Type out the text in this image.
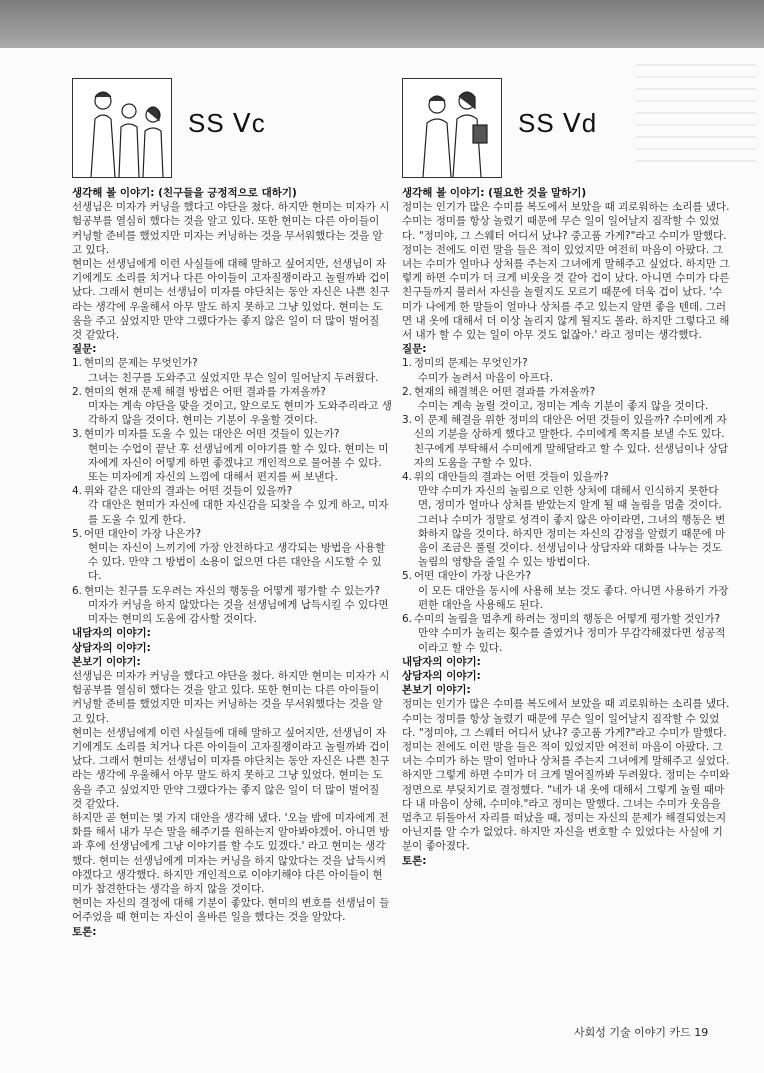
SS Ⅴc
생각해 볼 이야기: (친구들을 긍정적으로 대하기)

선생님은 미자가 커닝을 했다고 야단을 쳤다. 하지만 현미는 미자가 시험공부를 열심히 했다는 것을 알고 있다. 또한 현미는 다른 아이들이 커닝할 준비를 했었지만 미자는 커닝하는 것을 무서워했다는 것을 알고 있다.

현미는 선생님에게 이런 사실들에 대해 말하고 싶어지만, 선생님이 자기에게도 소리를 치거나 다른 아이들이 고자질쟁이라고 놀릴까봐 겁이 났다. 그래서 현미는 선생님이 미자를 야단치는 동안 자신은 나쁜 친구라는 생각에 우울해서 아무 말도 하지 못하고 그냥 있었다. 현미는 도움을 주고 싶었지만 만약 그랬다가는 좋지 않은 일이 더 많이 벌어질 것 같았다.

질문:
1. 현미의 문제는 무엇인가?
그녀는 친구를 도와주고 싶었지만 무슨 일이 일어날지 두려웠다.
2. 현미의 현재 문제 해결 방법은 어떤 결과를 가져올까?
미자는 계속 야단을 맞을 것이고, 앞으로도 현미가 도와주리라고 생각하지 않을 것이다. 현미는 기분이 우울할 것이다.
3. 현미가 미자를 도울 수 있는 대안은 어떤 것들이 있는가?
현미는 수업이 끝난 후 선생님에게 이야기를 할 수 있다. 현미는 미자에게 자신이 어떻게 하면 좋겠냐고 개인적으로 물어볼 수 있다. 또는 미자에게 자신의 느낌에 대해서 편지를 써 보낸다.
4. 위와 같은 대안의 결과는 어떤 것들이 있을까?
각 대안은 현미가 자신에 대한 자신감을 되찾을 수 있게 하고, 미자를 도울 수 있게 한다.
5. 어떤 대안이 가장 나은가?
현미는 자신이 느끼기에 가장 안전하다고 생각되는 방법을 사용할 수 있다. 만약 그 방법이 소용이 없으면 다른 대안을 시도할 수 있다.
6. 현미는 친구를 도우려는 자신의 행동을 어떻게 평가할 수 있는가?
미자가 커닝을 하지 않았다는 것을 선생님에게 납득시킬 수 있다면 미자는 현미의 도움에 감사할 것이다.
내담자의 이야기:
상담자의 이야기:
본보기 이야기:

선생님은 미자가 커닝을 했다고 야단을 쳤다. 하지만 현미는 미자가 시험공부를 열심히 했다는 것을 알고 있다. 또한 현미는 다른 아이들이 커닝할 준비를 했었지만 미자는 커닝하는 것을 무서워했다는 것을 알고 있다.

현미는 선생님에게 이런 사실들에 대해 말하고 싶어지만, 선생님이 자기에게도 소리를 치거나 다른 아이들이 고자질쟁이라고 놀릴까봐 겁이 났다. 그래서 현미는 선생님이 미자를 야단치는 동안 자신은 나쁜 친구라는 생각에 우울해서 아무 말도 하지 못하고 그냥 있었다. 현미는 도움을 주고 싶었지만 만약 그랬다가는 좋지 않은 일이 더 많이 벌어질 것 같았다.

하지만 곧 현미는 몇 가지 대안을 생각해 냈다. '오늘 밤에 미자에게 전화를 해서 내가 무슨 말을 해주기를 원하는지 알아봐야겠어. 아니면 방과 후에 선생님에게 그냥 이야기를 할 수도 있겠다.' 라고 현미는 생각했다. 현미는 선생님에게 미자는 커닝을 하지 않았다는 것을 납득시켜야겠다고 생각했다. 하지만 개인적으로 이야기해야 다른 아이들이 현미가 참견한다는 생각을 하지 않을 것이다.

현미는 자신의 결정에 대해 기분이 좋았다. 현미의 변호를 선생님이 들어주었을 때 현미는 자신이 올바른 일을 했다는 것을 알았다.

토론:
SS Ⅴd
생각해 볼 이야기: (필요한 것을 말하기)

정미는 인기가 많은 수미를 복도에서 보았을 때 괴로워하는 소리를 냈다. 수미는 정미를 항상 놀렸기 때문에 무슨 일이 일어날지 짐작할 수 있었다. "정미야, 그 스웨터 어디서 났냐? 중고품 가게?"라고 수미가 말했다.

정미는 전에도 이런 말을 들은 적이 있었지만 여전히 마음이 아팠다. 그녀는 수미가 얼마나 상처를 주는지 그녀에게 말해주고 싶었다. 하지만 그렇게 하면 수미가 더 크게 비웃을 것 같아 겁이 났다. 아니면 수미가 다른 친구들까지 불러서 자신을 놀릴지도 모르기 때문에 더욱 겁이 났다. '수미가 나에게 한 말들이 얼마나 상처를 주고 있는지 알면 좋을 텐데. 그러면 내 옷에 대해서 더 이상 놀리지 않게 될지도 몰라. 하지만 그렇다고 해서 내가 할 수 있는 일이 아무 것도 없잖아.' 라고 정미는 생각했다.

질문:
1. 정미의 문제는 무엇인가?
수미가 놀려서 마음이 아프다.
2. 현재의 해결책은 어떤 결과를 가져올까?
수미는 계속 놀릴 것이고, 정미는 계속 기분이 좋지 않을 것이다.
3. 이 문제 해결을 위한 정미의 대안은 어떤 것들이 있을까? 수미에게 자신의 기분을 상하게 했다고 말한다. 수미에게 쪽지를 보낼 수도 있다. 친구에게 부탁해서 수미에게 말해달라고 할 수 있다. 선생님이나 상담자의 도움을 구할 수 있다.
4. 위의 대안들의 결과는 어떤 것들이 있을까?
만약 수미가 자신의 놀림으로 인한 상처에 대해서 인식하지 못한다면, 정미가 얼마나 상처를 받았는지 알게 될 때 놀림을 멈출 것이다. 그러나 수미가 정말로 성격이 좋지 않은 아이라면, 그녀의 행동은 변화하지 않을 것이다. 하지만 정미는 자신의 감정을 알렸기 때문에 마음이 조금은 풀릴 것이다. 선생님이나 상담자와 대화를 나누는 것도 놀림의 영향을 줄일 수 있는 방법이다.
5. 어떤 대안이 가장 나은가?
이 모든 대안을 동시에 사용해 보는 것도 좋다. 아니면 사용하기 가장 편한 대안을 사용해도 된다.
6. 수미의 놀림을 멈추게 하려는 정미의 행동은 어떻게 평가할 것인가?
만약 수미가 놀리는 횟수를 줄였거나 정미가 무감각해졌다면 성공적이라고 할 수 있다.
내담자의 이야기:
상담자의 이야기:
본보기 이야기:

정미는 인기가 많은 수미를 복도에서 보았을 때 괴로워하는 소리를 냈다. 수미는 정미를 항상 놀렸기 때문에 무슨 일이 일어날지 짐작할 수 있었다. "정미야, 그 스웨터 어디서 났냐? 중고품 가게?"라고 수미가 말했다.

정미는 전에도 이런 말을 들은 적이 있었지만 여전히 마음이 아팠다. 그녀는 수미가 하는 말이 얼마나 상처를 주는지 그녀에게 말해주고 싶었다. 하지만 그렇게 하면 수미가 더 크게 벌어질까봐 두려웠다. 정미는 수미와 정면으로 부딪치기로 결정했다. "네가 내 옷에 대해서 그렇게 놀릴 때마다 내 마음이 상해, 수미야."라고 정미는 말했다. 그녀는 수미가 웃음을 멈추고 뒤돌아서 자리를 떠났을 때, 정미는 자신의 문제가 해결되었는지 아닌지를 알 수가 없었다. 하지만 자신을 변호할 수 있었다는 사실에 기분이 좋아졌다.

토론:
사회성 기술 이야기 카드 19
